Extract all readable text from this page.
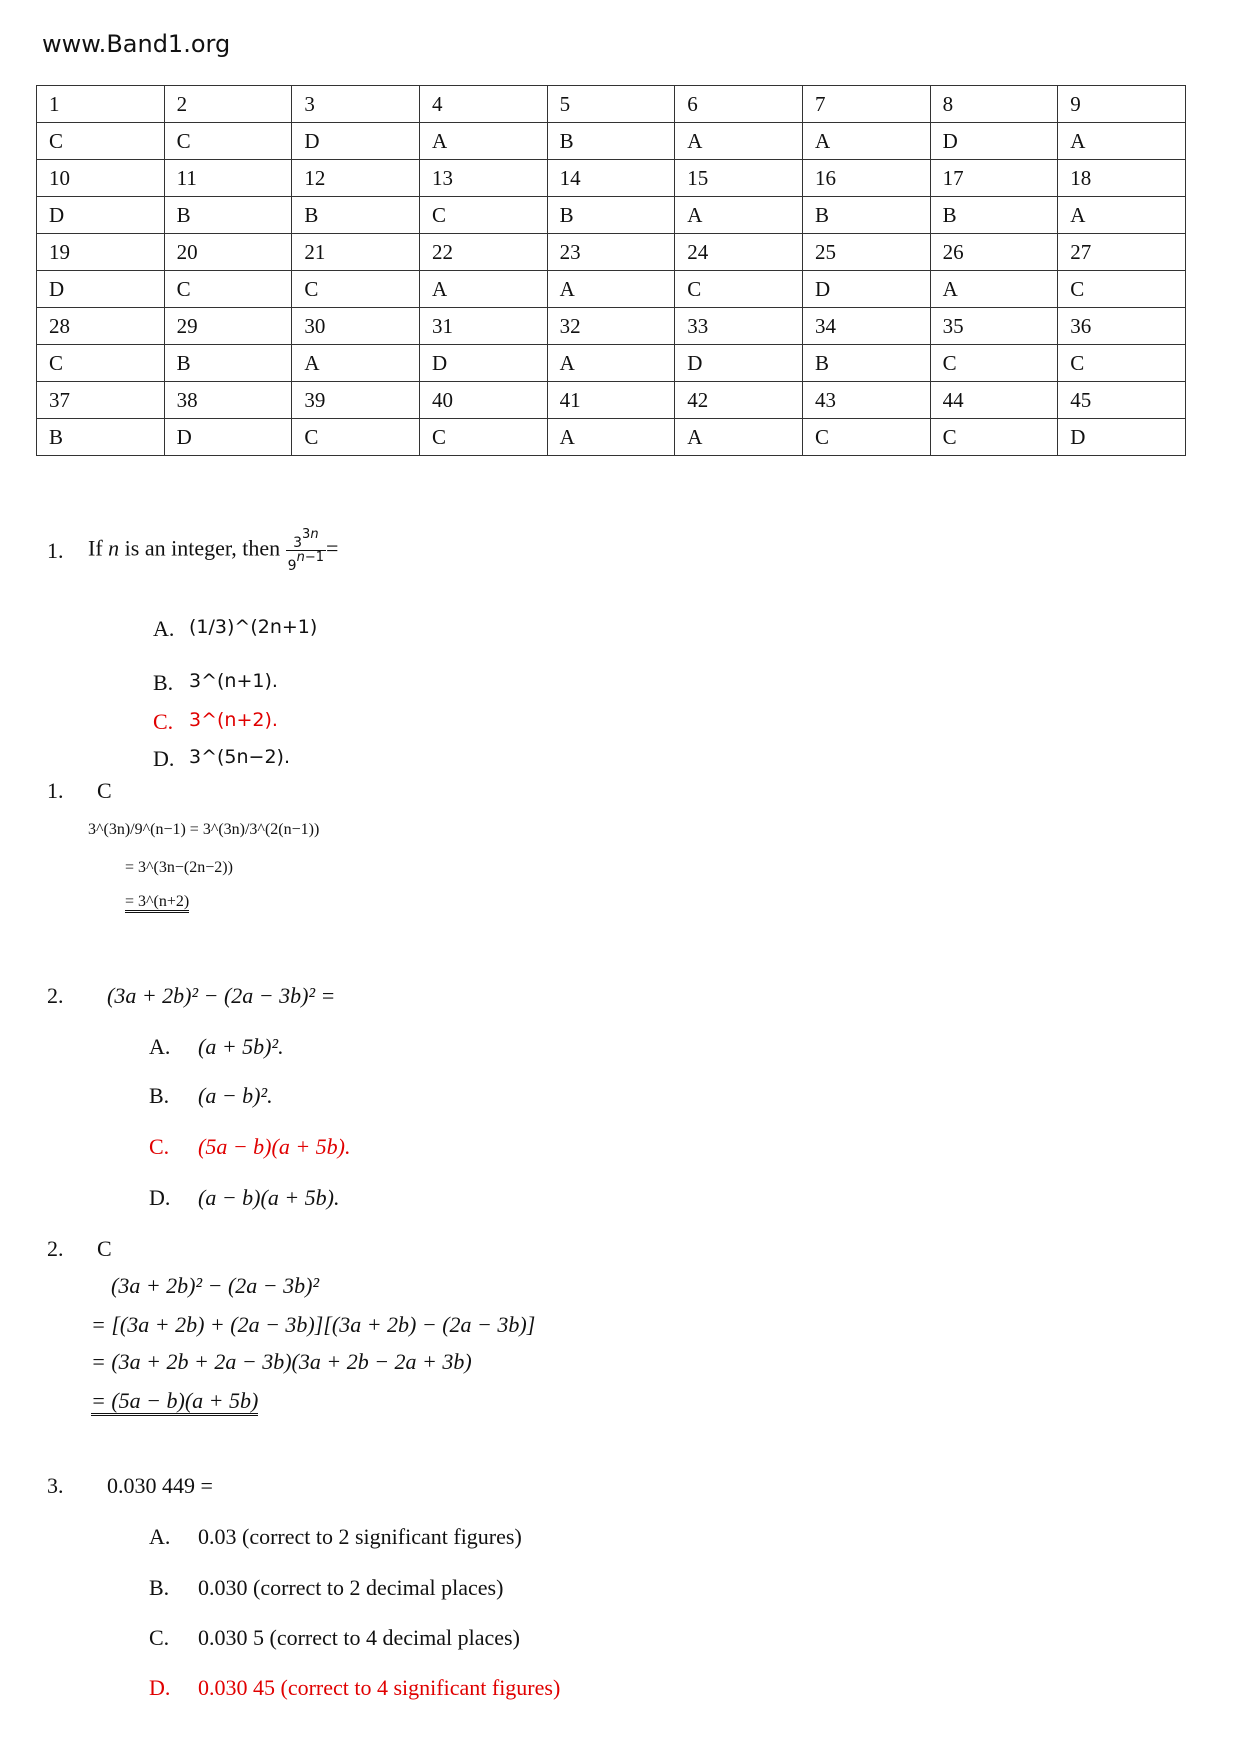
www.Band1.org
1	2	3	4	5	6	7	8	9
C	C	D	A	B	A	A	D	A
10	11	12	13	14	15	16	17	18
D	B	B	C	B	A	B	B	A
19	20	21	22	23	24	25	26	27
D	C	C	A	A	C	D	A	C
28	29	30	31	32	33	34	35	36
C	B	A	D	A	D	B	C	C
37	38	39	40	41	42	43	44	45
B	D	C	C	A	A	C	C	D
1. If n is an integer, then $\frac{3^{3n}}{9^{n-1}}$ =
A. (1/3)^(2n+1)
B. 3^(n+1).
C. 3^(n+2).
D. 3^(5n−2).
1. C
3^(3n)/9^(n−1) = 3^(3n)/3^(2(n−1))
= 3^(3n−(2n−2))
= 3^(n+2)
2. (3a + 2b)² − (2a − 3b)² =
A. (a + 5b)².
B. (a − b)².
C. (5a − b)(a + 5b).
D. (a − b)(a + 5b).
2. C
(3a + 2b)² − (2a − 3b)²
= [(3a + 2b) + (2a − 3b)][(3a + 2b) − (2a − 3b)]
= (3a + 2b + 2a − 3b)(3a + 2b − 2a + 3b)
= (5a − b)(a + 5b)
3. 0.030 449 =
A. 0.03 (correct to 2 significant figures)
B. 0.030 (correct to 2 decimal places)
C. 0.030 5 (correct to 4 decimal places)
D. 0.030 45 (correct to 4 significant figures)
